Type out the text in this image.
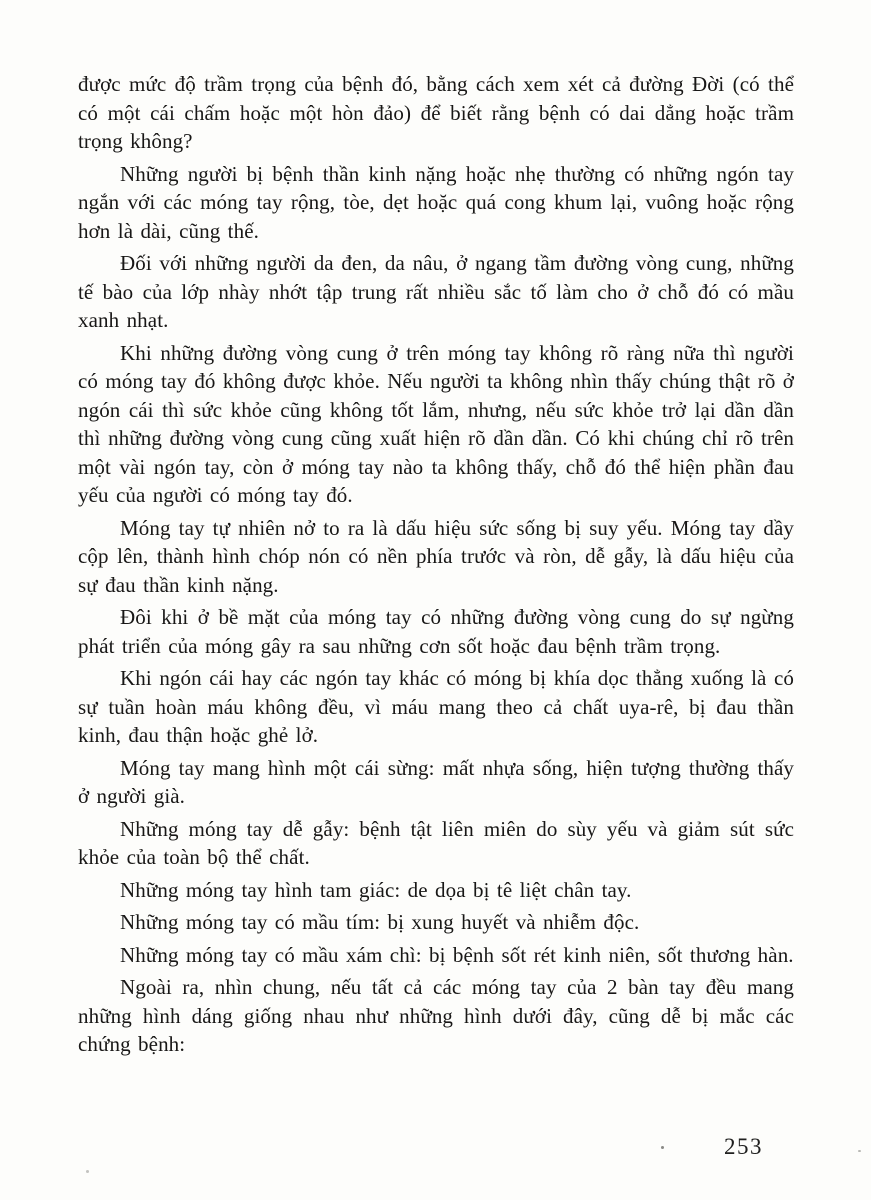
được mức độ trầm trọng của bệnh đó, bằng cách xem xét cả đường Đời (có thể có một cái chấm hoặc một hòn đảo) để biết rằng bệnh có dai dẳng hoặc trầm trọng không?

Những người bị bệnh thần kinh nặng hoặc nhẹ thường có những ngón tay ngắn với các móng tay rộng, tòe, dẹt hoặc quá cong khum lại, vuông hoặc rộng hơn là dài, cũng thế.

Đối với những người da đen, da nâu, ở ngang tầm đường vòng cung, những tế bào của lớp nhày nhớt tập trung rất nhiều sắc tố làm cho ở chỗ đó có mầu xanh nhạt.

Khi những đường vòng cung ở trên móng tay không rõ ràng nữa thì người có móng tay đó không được khỏe. Nếu người ta không nhìn thấy chúng thật rõ ở ngón cái thì sức khỏe cũng không tốt lắm, nhưng, nếu sức khỏe trở lại dần dần thì những đường vòng cung cũng xuất hiện rõ dần dần. Có khi chúng chỉ rõ trên một vài ngón tay, còn ở móng tay nào ta không thấy, chỗ đó thể hiện phần đau yếu của người có móng tay đó.

Móng tay tự nhiên nở to ra là dấu hiệu sức sống bị suy yếu. Móng tay dầy cộp lên, thành hình chóp nón có nền phía trước và ròn, dễ gẫy, là dấu hiệu của sự đau thần kinh nặng.

Đôi khi ở bề mặt của móng tay có những đường vòng cung do sự ngừng phát triển của móng gây ra sau những cơn sốt hoặc đau bệnh trầm trọng.

Khi ngón cái hay các ngón tay khác có móng bị khía dọc thẳng xuống là có sự tuần hoàn máu không đều, vì máu mang theo cả chất uya-rê, bị đau thần kinh, đau thận hoặc ghẻ lở.

Móng tay mang hình một cái sừng: mất nhựa sống, hiện tượng thường thấy ở người già.

Những móng tay dễ gẫy: bệnh tật liên miên do sùy yếu và giảm sút sức khỏe của toàn bộ thể chất.

Những móng tay hình tam giác: de dọa bị tê liệt chân tay.

Những móng tay có mầu tím: bị xung huyết và nhiễm độc.

Những móng tay có mầu xám chì: bị bệnh sốt rét kinh niên, sốt thương hàn.

Ngoài ra, nhìn chung, nếu tất cả các móng tay của 2 bàn tay đều mang những hình dáng giống nhau như những hình dưới đây, cũng dễ bị mắc các chứng bệnh:

253
